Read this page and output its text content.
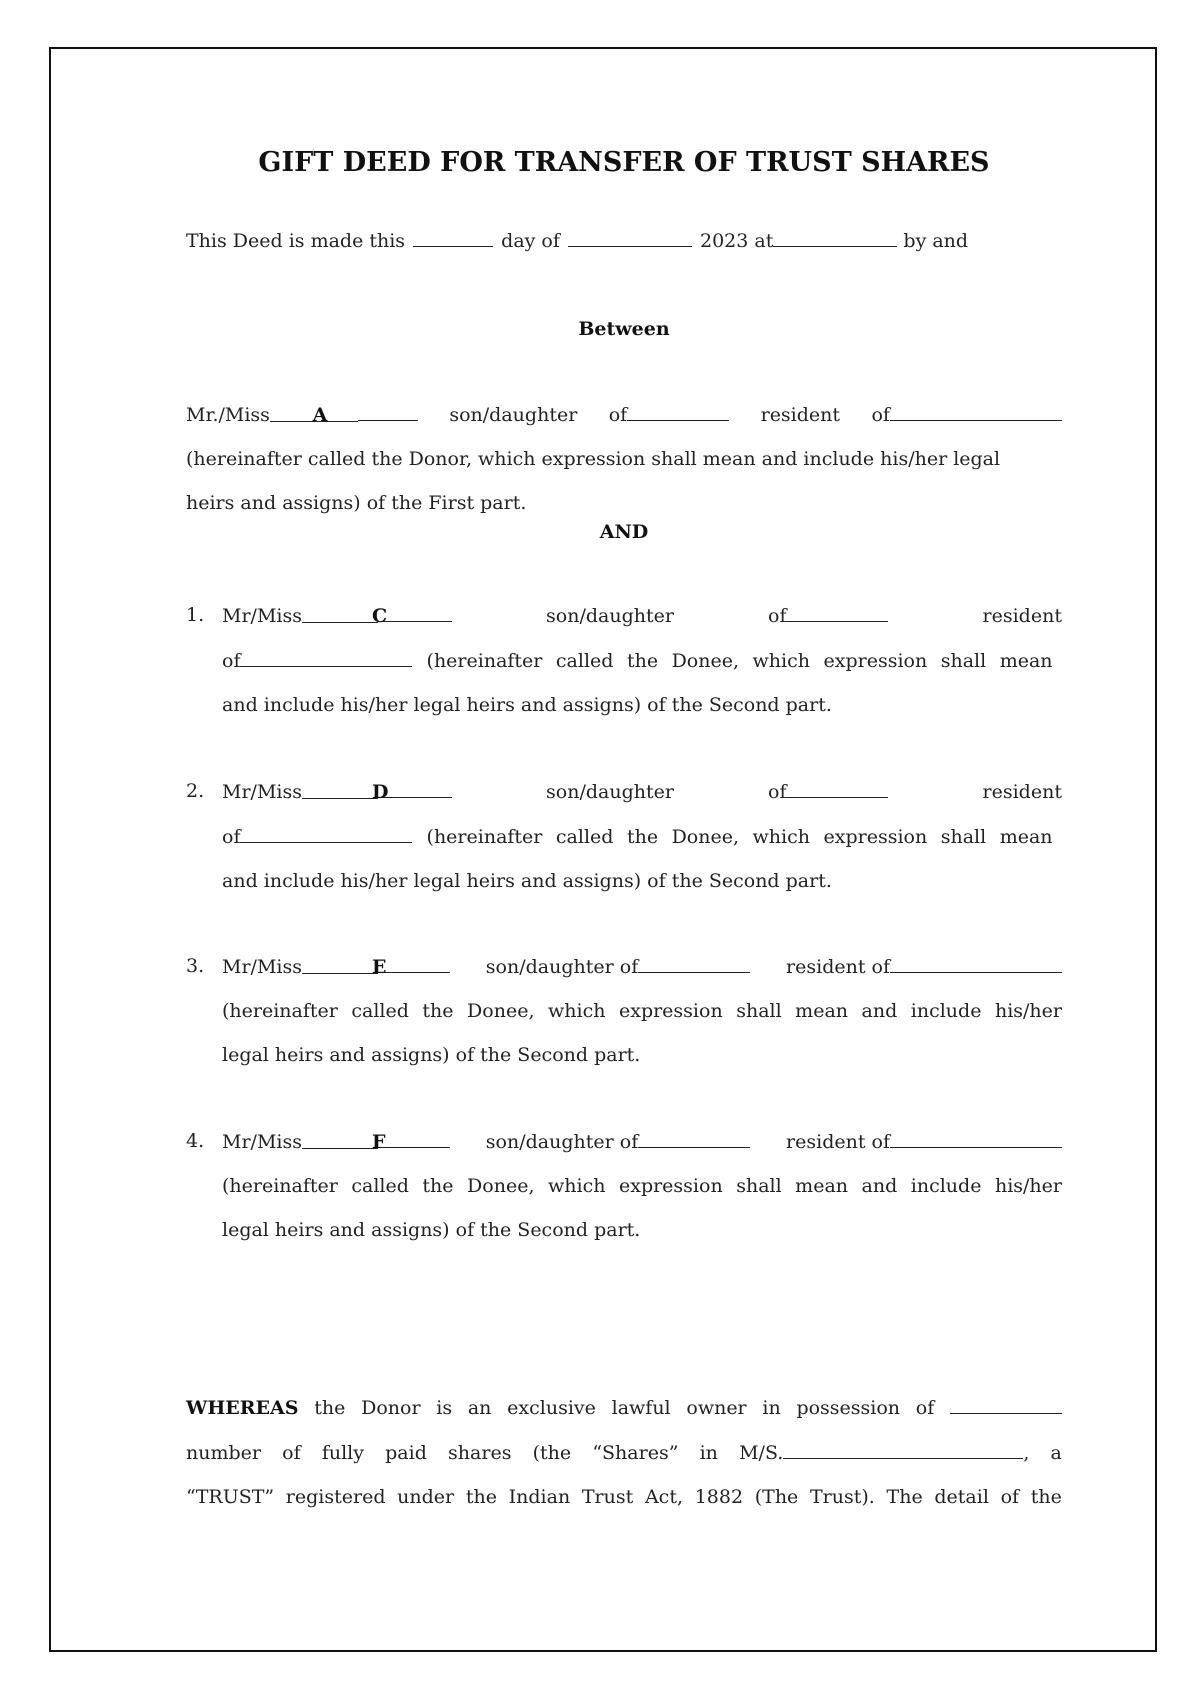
GIFT DEED FOR TRANSFER OF TRUST SHARES
This Deed is made this	day of	2023 at	by and
Between
Mr./Miss A	son/daughter of	resident of
(hereinafter called the Donor, which expression shall mean and include his/her legal
heirs and assigns) of the First part.
AND
1. Mr/Miss	C	son/daughter	of	resident
of	(hereinafter called the Donee, which expression shall mean
and include his/her legal heirs and assigns) of the Second part.
2. Mr/Miss	D	son/daughter	of	resident
of	(hereinafter called the Donee, which expression shall mean
and include his/her legal heirs and assigns) of the Second part.
3. Mr/Miss	E	son/daughter of	resident of
(hereinafter called the Donee, which expression shall mean and include his/her
legal heirs and assigns) of the Second part.
4. Mr/Miss	F	son/daughter of	resident of
(hereinafter called the Donee, which expression shall mean and include his/her
legal heirs and assigns) of the Second part.
WHEREAS the Donor is an exclusive lawful owner in possession of
number of fully paid shares (the “Shares” in M/S.	, a
“TRUST” registered under the Indian Trust Act, 1882 (The Trust). The detail of the
